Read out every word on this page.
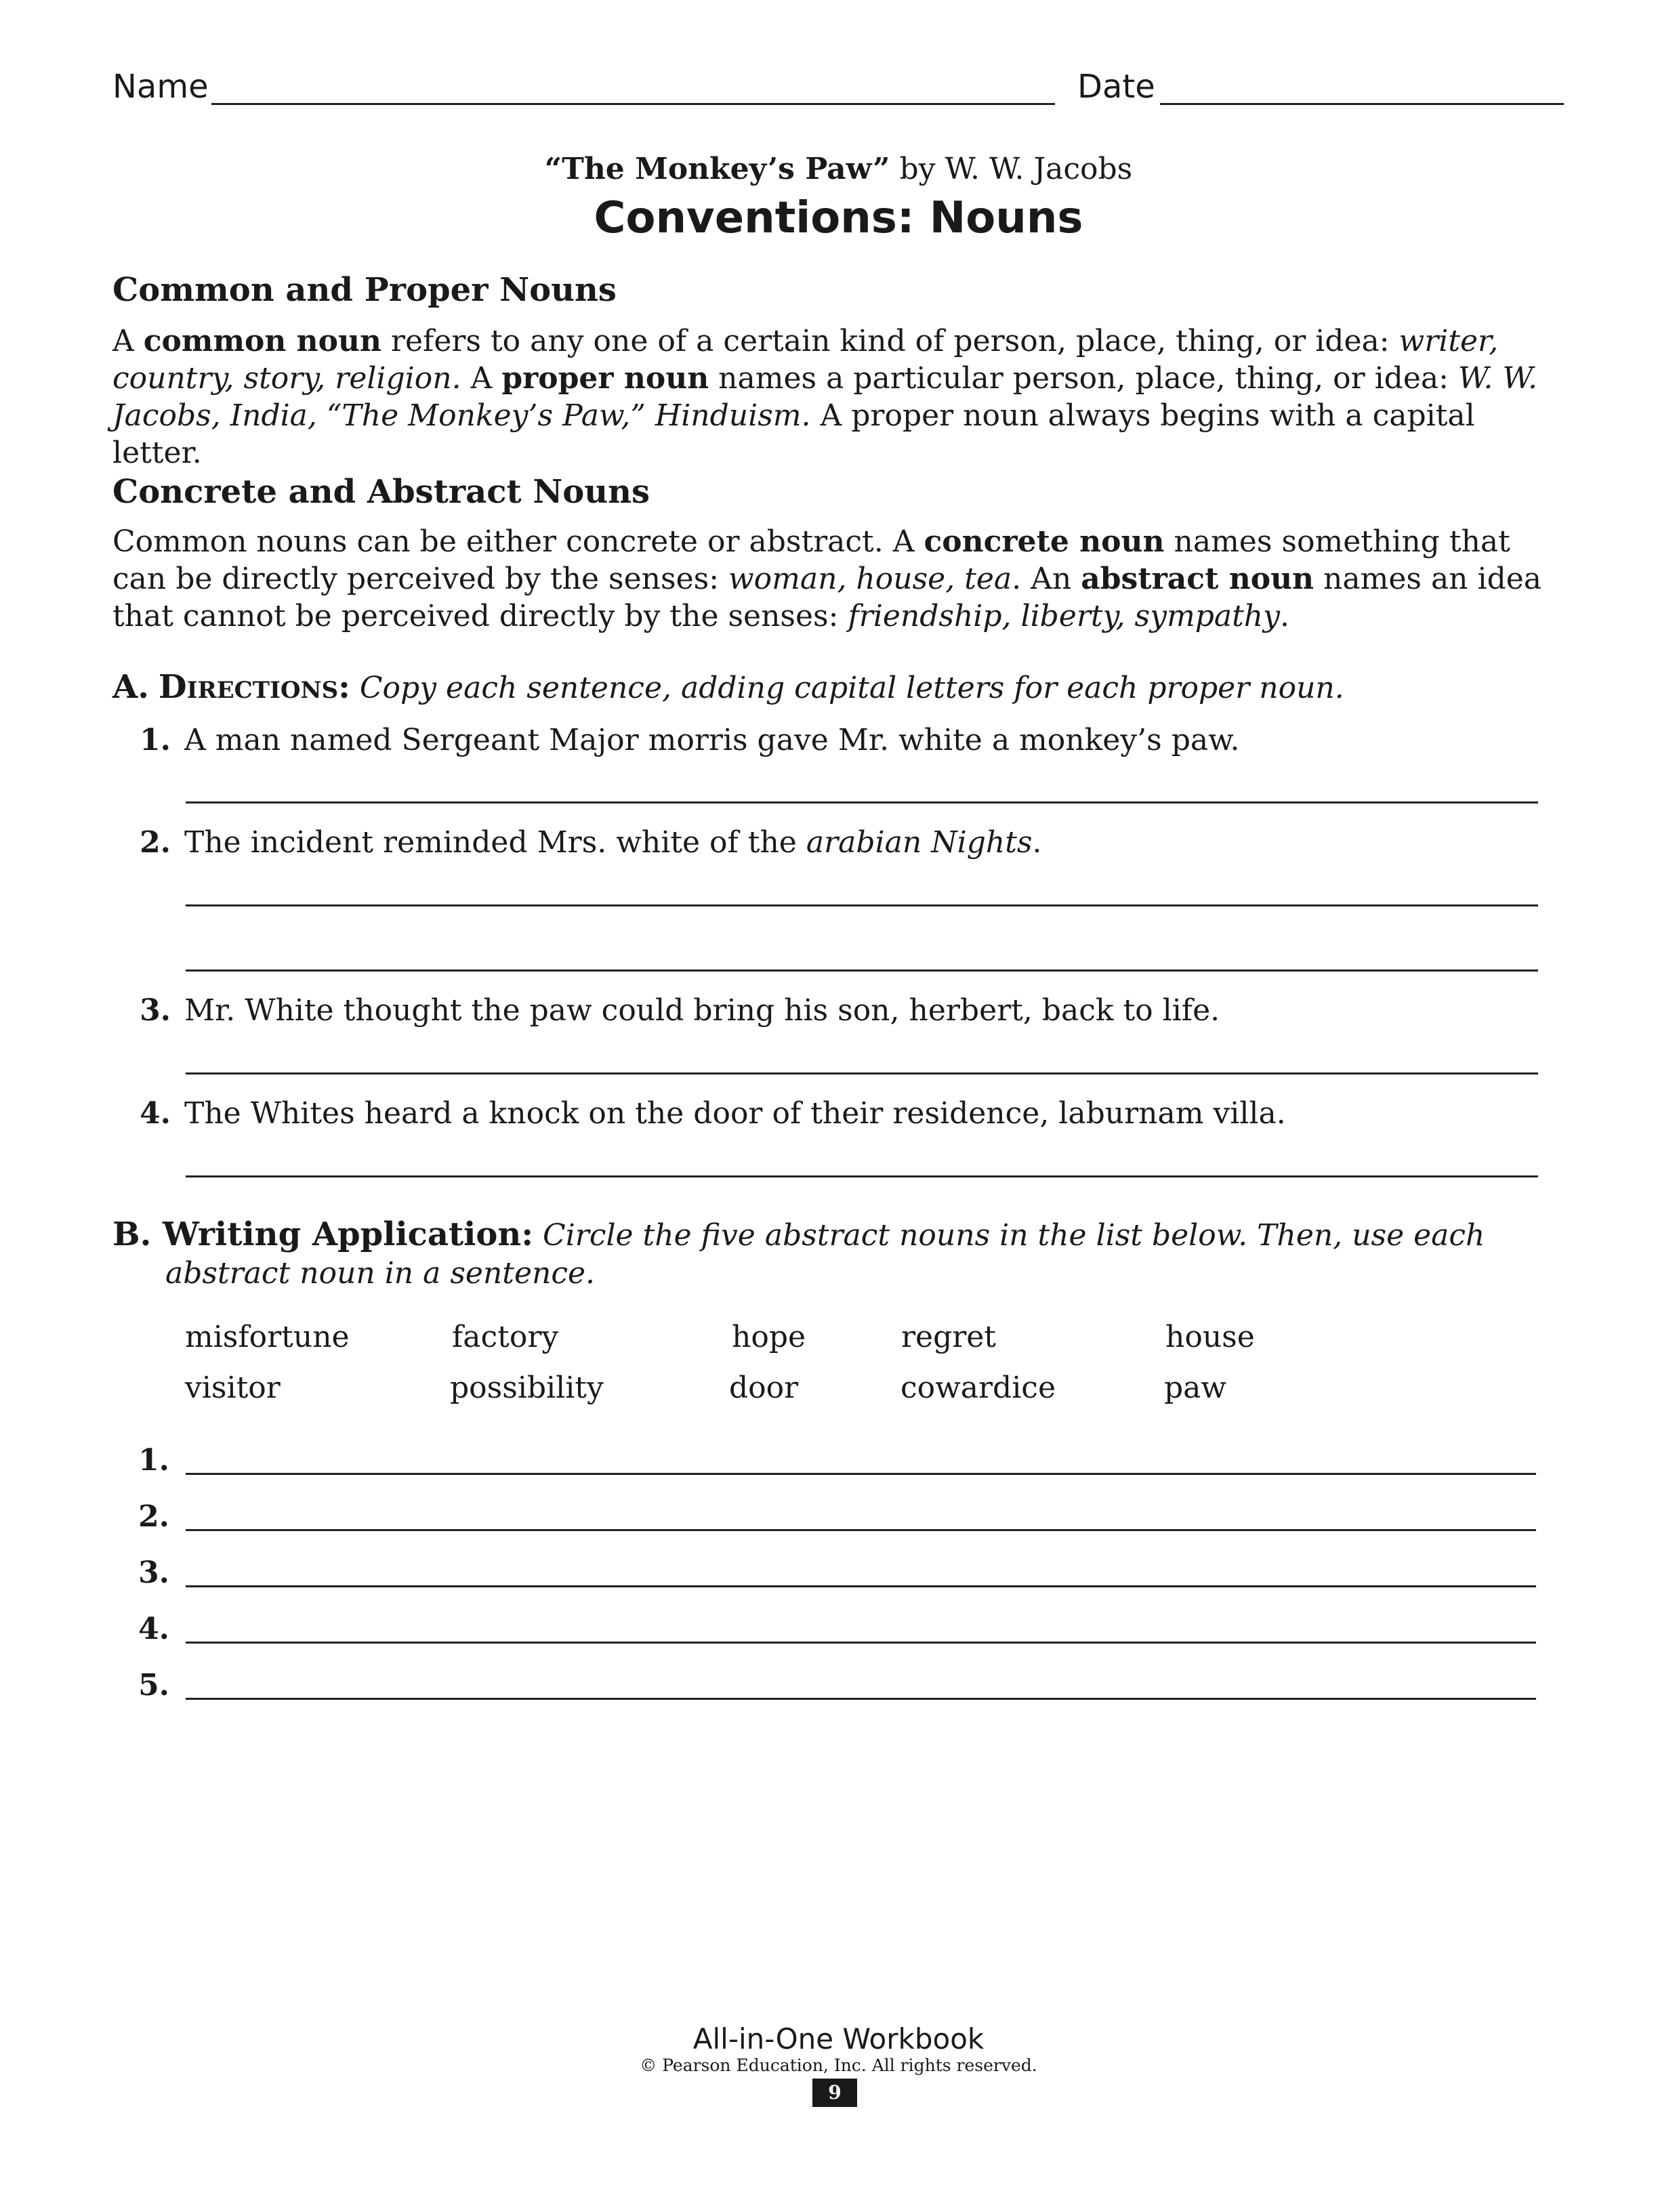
Name	Date
“The Monkey’s Paw” by W. W. Jacobs
Conventions: Nouns
Common and Proper Nouns

A common noun refers to any one of a certain kind of person, place, thing, or idea: writer, country, story, religion. A proper noun names a particular person, place, thing, or idea: W. W. Jacobs, India, “The Monkey’s Paw,” Hinduism. A proper noun always begins with a capital letter.

Concrete and Abstract Nouns

Common nouns can be either concrete or abstract. A concrete noun names something that can be directly perceived by the senses: woman, house, tea. An abstract noun names an idea that cannot be perceived directly by the senses: friendship, liberty, sympathy.

A. Directions: Copy each sentence, adding capital letters for each proper noun.
1. A man named Sergeant Major morris gave Mr. white a monkey’s paw.
2. The incident reminded Mrs. white of the arabian Nights.
3. Mr. White thought the paw could bring his son, herbert, back to life.
4. The Whites heard a knock on the door of their residence, laburnam villa.
B. Writing Application: Circle the five abstract nouns in the list below. Then, use each
abstract noun in a sentence.
misfortune	factory	hope	regret	house
visitor	possibility	door	cowardice	paw
1.
2.
3.
4.
5.
All-in-One Workbook
© Pearson Education, Inc. All rights reserved.
9
